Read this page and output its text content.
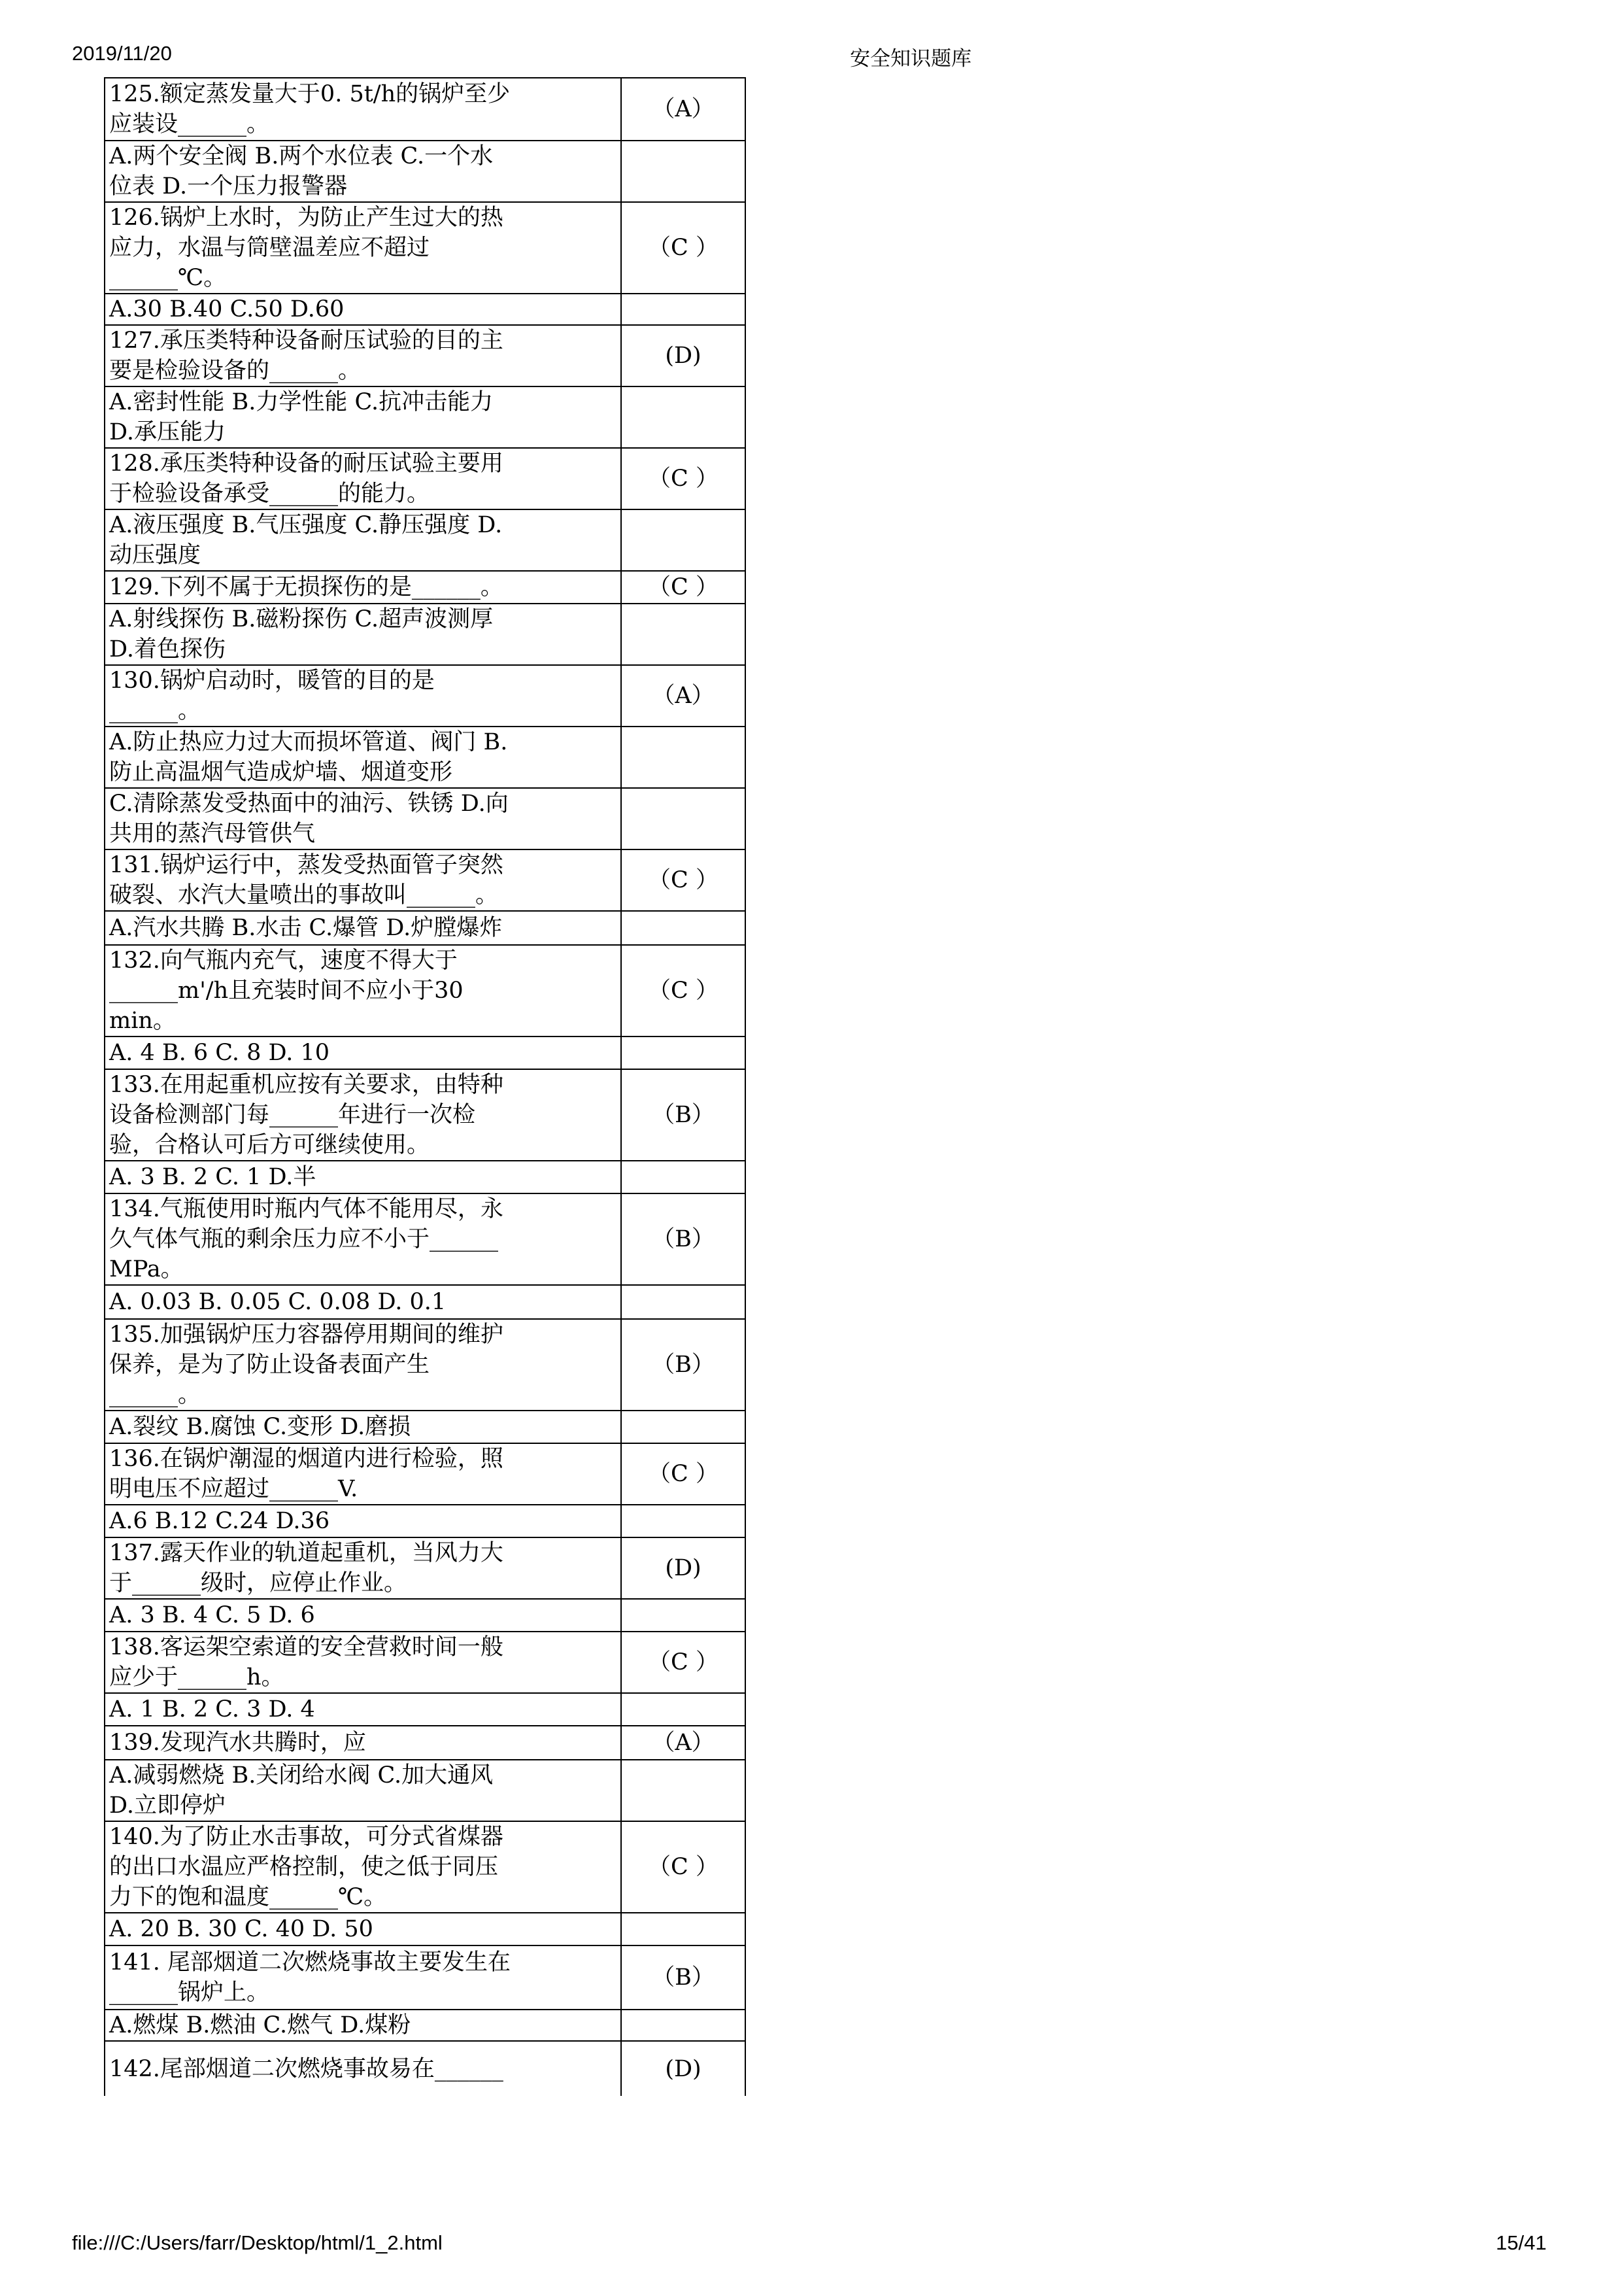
2019/11/20	安全知识题库
125.额定蒸发量大于0. 5t/h的锅炉至少
应装设______。	（A）
A.两个安全阀 B.两个水位表 C.一个水
位表 D.一个压力报警器	
126.锅炉上水时，为防止产生过大的热
应力，水温与筒壁温差应不超过
______℃。	（C ）
A.30 B.40 C.50 D.60	
127.承压类特种设备耐压试验的目的主
要是检验设备的______。	(D)
A.密封性能 B.力学性能 C.抗冲击能力
D.承压能力	
128.承压类特种设备的耐压试验主要用
于检验设备承受______的能力。	（C ）
A.液压强度 B.气压强度 C.静压强度 D.
动压强度	
129.下列不属于无损探伤的是______。	（C ）
A.射线探伤 B.磁粉探伤 C.超声波测厚
D.着色探伤	
130.锅炉启动时，暖管的目的是
______。	（A）
A.防止热应力过大而损坏管道、阀门 B.
防止高温烟气造成炉墙、烟道变形	
C.清除蒸发受热面中的油污、铁锈 D.向
共用的蒸汽母管供气	
131.锅炉运行中，蒸发受热面管子突然
破裂、水汽大量喷出的事故叫______。	（C ）
A.汽水共腾 B.水击 C.爆管 D.炉膛爆炸	
132.向气瓶内充气，速度不得大于
______m'/h且充装时间不应小于30
min。	（C ）
A. 4 B. 6 C. 8 D. 10	
133.在用起重机应按有关要求，由特种
设备检测部门每______年进行一次检
验，合格认可后方可继续使用。	（B）
A. 3 B. 2 C. 1 D.半	
134.气瓶使用时瓶内气体不能用尽，永
久气体气瓶的剩余压力应不小于______
MPa。	（B）
A. 0.03 B. 0.05 C. 0.08 D. 0.1	
135.加强锅炉压力容器停用期间的维护
保养，是为了防止设备表面产生
______。	（B）
A.裂纹 B.腐蚀 C.变形 D.磨损	
136.在锅炉潮湿的烟道内进行检验，照
明电压不应超过______V.	（C ）
A.6 B.12 C.24 D.36	
137.露天作业的轨道起重机，当风力大
于______级时，应停止作业。	(D)
A. 3 B. 4 C. 5 D. 6	
138.客运架空索道的安全营救时间一般
应少于______h。	（C ）
A. 1 B. 2 C. 3 D. 4	
139.发现汽水共腾时，应	（A）
A.减弱燃烧 B.关闭给水阀 C.加大通风
D.立即停炉	
140.为了防止水击事故，可分式省煤器
的出口水温应严格控制，使之低于同压
力下的饱和温度______℃。	（C ）
A. 20 B. 30 C. 40 D. 50	
141. 尾部烟道二次燃烧事故主要发生在
______锅炉上。	（B）
A.燃煤 B.燃油 C.燃气 D.煤粉	
142.尾部烟道二次燃烧事故易在______	(D)
file:///C:/Users/farr/Desktop/html/1_2.html	15/41
